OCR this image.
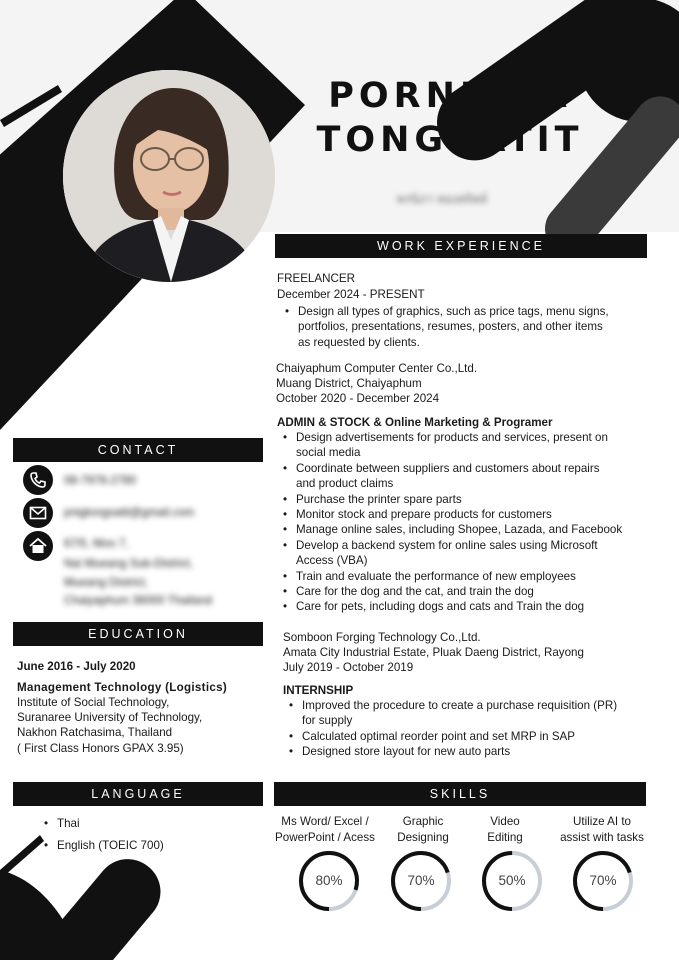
PORNNIPA
TONGSATIT
พรนิภา ทองสถิตย์
WORK EXPERIENCE
FREELANCER
December 2024 - PRESENT
• Design all types of graphics, such as price tags, menu signs,
portfolios, presentations, resumes, posters, and other items
as requested by clients.
Chaiyaphum Computer Center Co.,Ltd.
Muang District, Chaiyaphum
October 2020 - December 2024
ADMIN & STOCK & Online Marketing & Programer
• Design advertisements for products and services, present on
social media
• Coordinate between suppliers and customers about repairs
and product claims
• Purchase the printer spare parts
• Monitor stock and prepare products for customers
• Manage online sales, including Shopee, Lazada, and Facebook
• Develop a backend system for online sales using Microsoft
Access (VBA)
• Train and evaluate the performance of new employees
• Care for the dog and the cat, and train the dog
• Care for pets, including dogs and cats and Train the dog
Somboon Forging Technology Co.,Ltd.
Amata City Industrial Estate, Pluak Daeng District, Rayong
July 2019 - October 2019
INTERNSHIP
• Improved the procedure to create a purchase requisition (PR)
for supply
• Calculated optimal reorder point and set MRP in SAP
• Designed store layout for new auto parts
CONTACT
08-7978-2780
pnigtongsatit@gmail.com
67/5, Moo 7,
Nai Mueang Sub-District,
Mueang District,
Chaiyaphum 36000 Thailand
EDUCATION
June 2016 - July 2020
Management Technology (Logistics)
Institute of Social Technology,
Suranaree University of Technology,
Nakhon Ratchasima, Thailand
( First Class Honors GPAX 3.95)
LANGUAGE
• Thai
• English (TOEIC 700)
SKILLS
Ms Word/ Excel /
PowerPoint / Acess
Graphic
Designing
Video
Editing
Utilize AI to
assist with tasks
80%	70%	50%	70%
